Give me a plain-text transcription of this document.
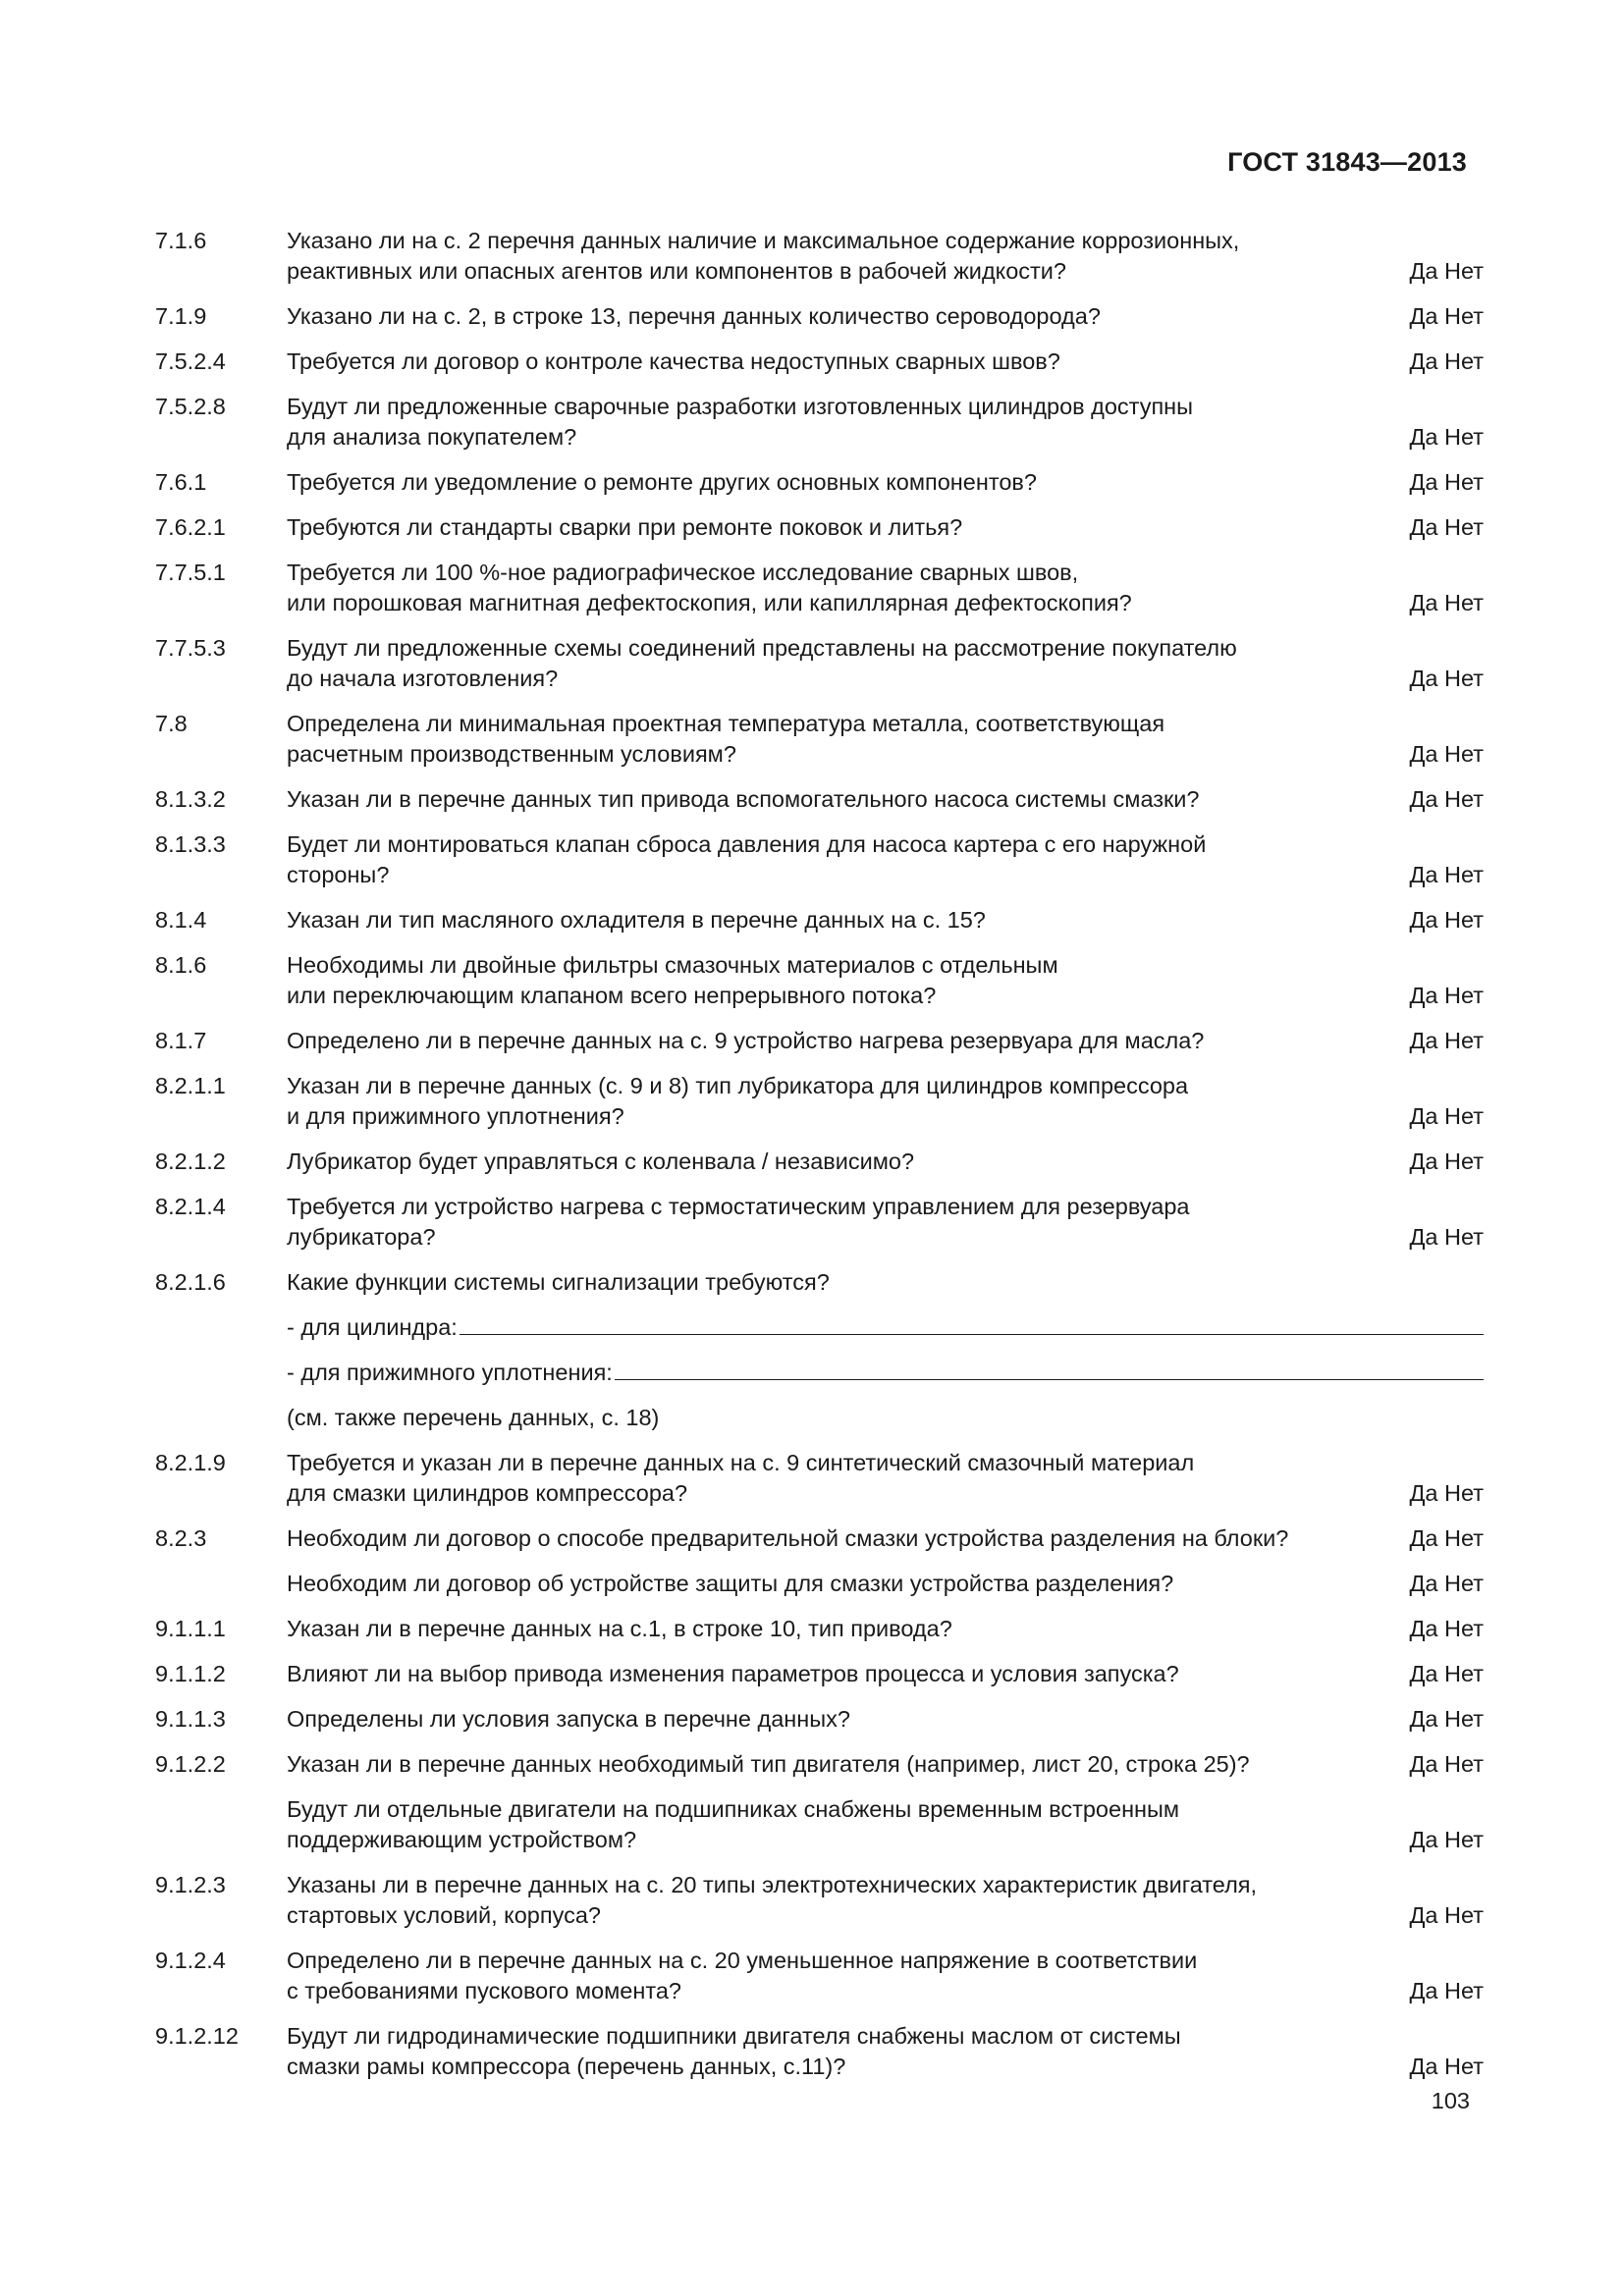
ГОСТ 31843—2013
7.1.6	Указано ли на с. 2 перечня данных наличие и максимальное содержание коррозионных,
реактивных или опасных агентов или компонентов в рабочей жидкости?	Да Нет
7.1.9	Указано ли на с. 2, в строке 13, перечня данных количество сероводорода?	Да Нет
7.5.2.4	Требуется ли договор о контроле качества недоступных сварных швов?	Да Нет
7.5.2.8	Будут ли предложенные сварочные разработки изготовленных цилиндров доступны
для анализа покупателем?	Да Нет
7.6.1	Требуется ли уведомление о ремонте других основных компонентов?	Да Нет
7.6.2.1	Требуются ли стандарты сварки при ремонте поковок и литья?	Да Нет
7.7.5.1	Требуется ли 100 %-ное радиографическое исследование сварных швов,
или порошковая магнитная дефектоскопия, или капиллярная дефектоскопия?	Да Нет
7.7.5.3	Будут ли предложенные схемы соединений представлены на рассмотрение покупателю
до начала изготовления?	Да Нет
7.8	Определена ли минимальная проектная температура металла, соответствующая
расчетным производственным условиям?	Да Нет
8.1.3.2	Указан ли в перечне данных тип привода вспомогательного насоса системы смазки?	Да Нет
8.1.3.3	Будет ли монтироваться клапан сброса давления для насоса картера с его наружной
стороны?	Да Нет
8.1.4	Указан ли тип масляного охладителя в перечне данных на с. 15?	Да Нет
8.1.6	Необходимы ли двойные фильтры смазочных материалов с отдельным
или переключающим клапаном всего непрерывного потока?	Да Нет
8.1.7	Определено ли в перечне данных на с. 9 устройство нагрева резервуара для масла?	Да Нет
8.2.1.1	Указан ли в перечне данных (с. 9 и 8) тип лубрикатора для цилиндров компрессора
и для прижимного уплотнения?	Да Нет
8.2.1.2	Лубрикатор будет управляться с коленвала / независимо?	Да Нет
8.2.1.4	Требуется ли устройство нагрева с термостатическим управлением для резервуара
лубрикатора?	Да Нет
8.2.1.6	Какие функции системы сигнализации требуются?
- для цилиндра:
- для прижимного уплотнения:
(см. также перечень данных, с. 18)
8.2.1.9	Требуется и указан ли в перечне данных на с. 9 синтетический смазочный материал
для смазки цилиндров компрессора?	Да Нет
8.2.3	Необходим ли договор о способе предварительной смазки устройства разделения на блоки?	Да Нет
Необходим ли договор об устройстве защиты для смазки устройства разделения?	Да Нет
9.1.1.1	Указан ли в перечне данных на с.1, в строке 10, тип привода?	Да Нет
9.1.1.2	Влияют ли на выбор привода изменения параметров процесса и условия запуска?	Да Нет
9.1.1.3	Определены ли условия запуска в перечне данных?	Да Нет
9.1.2.2	Указан ли в перечне данных необходимый тип двигателя (например, лист 20, строка 25)?	Да Нет
Будут ли отдельные двигатели на подшипниках снабжены временным встроенным
поддерживающим устройством?	Да Нет
9.1.2.3	Указаны ли в перечне данных на с. 20 типы электротехнических характеристик двигателя,
стартовых условий, корпуса?	Да Нет
9.1.2.4	Определено ли в перечне данных на с. 20 уменьшенное напряжение в соответствии
с требованиями пускового момента?	Да Нет
9.1.2.12	Будут ли гидродинамические подшипники двигателя снабжены маслом от системы
смазки рамы компрессора (перечень данных, с.11)?	Да Нет
103
